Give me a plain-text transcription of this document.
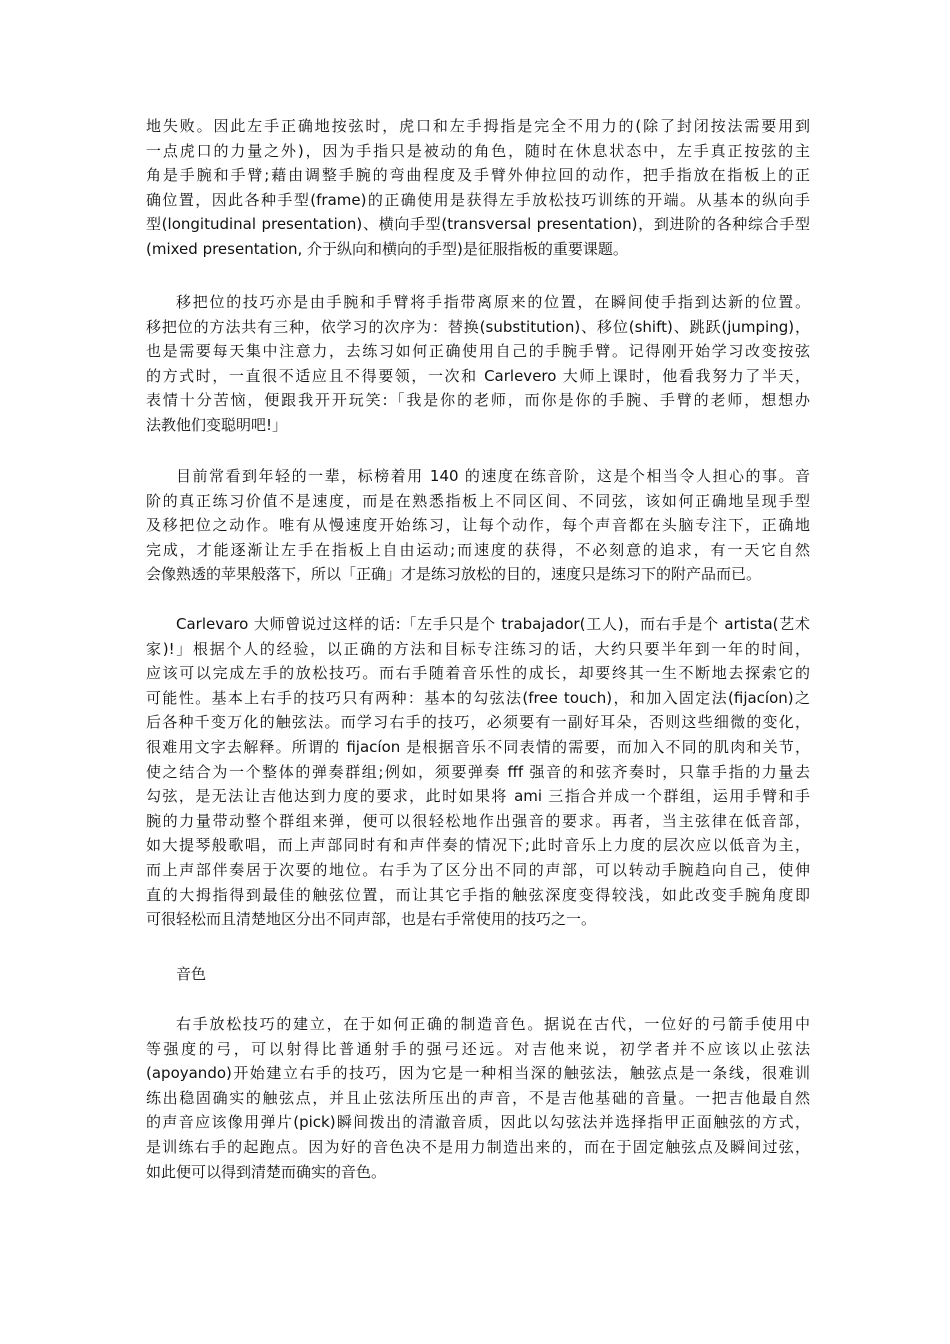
地失败。因此左手正确地按弦时，虎口和左手拇指是完全不用力的(除了封闭按法需要用到
一点虎口的力量之外)，因为手指只是被动的角色，随时在休息状态中，左手真正按弦的主
角是手腕和手臂;藉由调整手腕的弯曲程度及手臂外伸拉回的动作，把手指放在指板上的正
确位置，因此各种手型(frame)的正确使用是获得左手放松技巧训练的开端。从基本的纵向手
型(longitudinal presentation)、横向手型(transversal presentation)，到进阶的各种综合手型
(mixed presentation, 介于纵向和横向的手型)是征服指板的重要课题。
移把位的技巧亦是由手腕和手臂将手指带离原来的位置，在瞬间使手指到达新的位置。
移把位的方法共有三种，依学习的次序为：替换(substitution)、移位(shift)、跳跃(jumping)，
也是需要每天集中注意力，去练习如何正确使用自己的手腕手臂。记得刚开始学习改变按弦
的方式时，一直很不适应且不得要领，一次和 Carlevero 大师上课时，他看我努力了半天，
表情十分苦恼，便跟我开开玩笑:「我是你的老师，而你是你的手腕、手臂的老师，想想办
法教他们变聪明吧!」
目前常看到年轻的一辈，标榜着用 140 的速度在练音阶，这是个相当令人担心的事。音
阶的真正练习价值不是速度，而是在熟悉指板上不同区间、不同弦，该如何正确地呈现手型
及移把位之动作。唯有从慢速度开始练习，让每个动作，每个声音都在头脑专注下，正确地
完成，才能逐渐让左手在指板上自由运动;而速度的获得，不必刻意的追求，有一天它自然
会像熟透的苹果般落下，所以「正确」才是练习放松的目的，速度只是练习下的附产品而已。
Carlevaro 大师曾说过这样的话:「左手只是个 trabajador(工人)，而右手是个 artista(艺术
家)!」根据个人的经验，以正确的方法和目标专注练习的话，大约只要半年到一年的时间，
应该可以完成左手的放松技巧。而右手随着音乐性的成长，却要终其一生不断地去探索它的
可能性。基本上右手的技巧只有两种：基本的勾弦法(free touch)，和加入固定法(fijacíon)之
后各种千变万化的触弦法。而学习右手的技巧，必须要有一副好耳朵，否则这些细微的变化，
很难用文字去解释。所谓的 fijacíon 是根据音乐不同表情的需要，而加入不同的肌肉和关节，
使之结合为一个整体的弹奏群组;例如，须要弹奏 fff 强音的和弦齐奏时，只靠手指的力量去
勾弦，是无法让吉他达到力度的要求，此时如果将 ami 三指合并成一个群组，运用手臂和手
腕的力量带动整个群组来弹，便可以很轻松地作出强音的要求。再者，当主弦律在低音部，
如大提琴般歌唱，而上声部同时有和声伴奏的情况下;此时音乐上力度的层次应以低音为主，
而上声部伴奏居于次要的地位。右手为了区分出不同的声部，可以转动手腕趋向自己，使伸
直的大拇指得到最佳的触弦位置，而让其它手指的触弦深度变得较浅，如此改变手腕角度即
可很轻松而且清楚地区分出不同声部，也是右手常使用的技巧之一。
音色
右手放松技巧的建立，在于如何正确的制造音色。据说在古代，一位好的弓箭手使用中
等强度的弓，可以射得比普通射手的强弓还远。对吉他来说，初学者并不应该以止弦法
(apoyando)开始建立右手的技巧，因为它是一种相当深的触弦法，触弦点是一条线，很难训
练出稳固确实的触弦点，并且止弦法所压出的声音，不是吉他基础的音量。一把吉他最自然
的声音应该像用弹片(pick)瞬间拨出的清澈音质，因此以勾弦法并选择指甲正面触弦的方式，
是训练右手的起跑点。因为好的音色决不是用力制造出来的，而在于固定触弦点及瞬间过弦，
如此便可以得到清楚而确实的音色。
